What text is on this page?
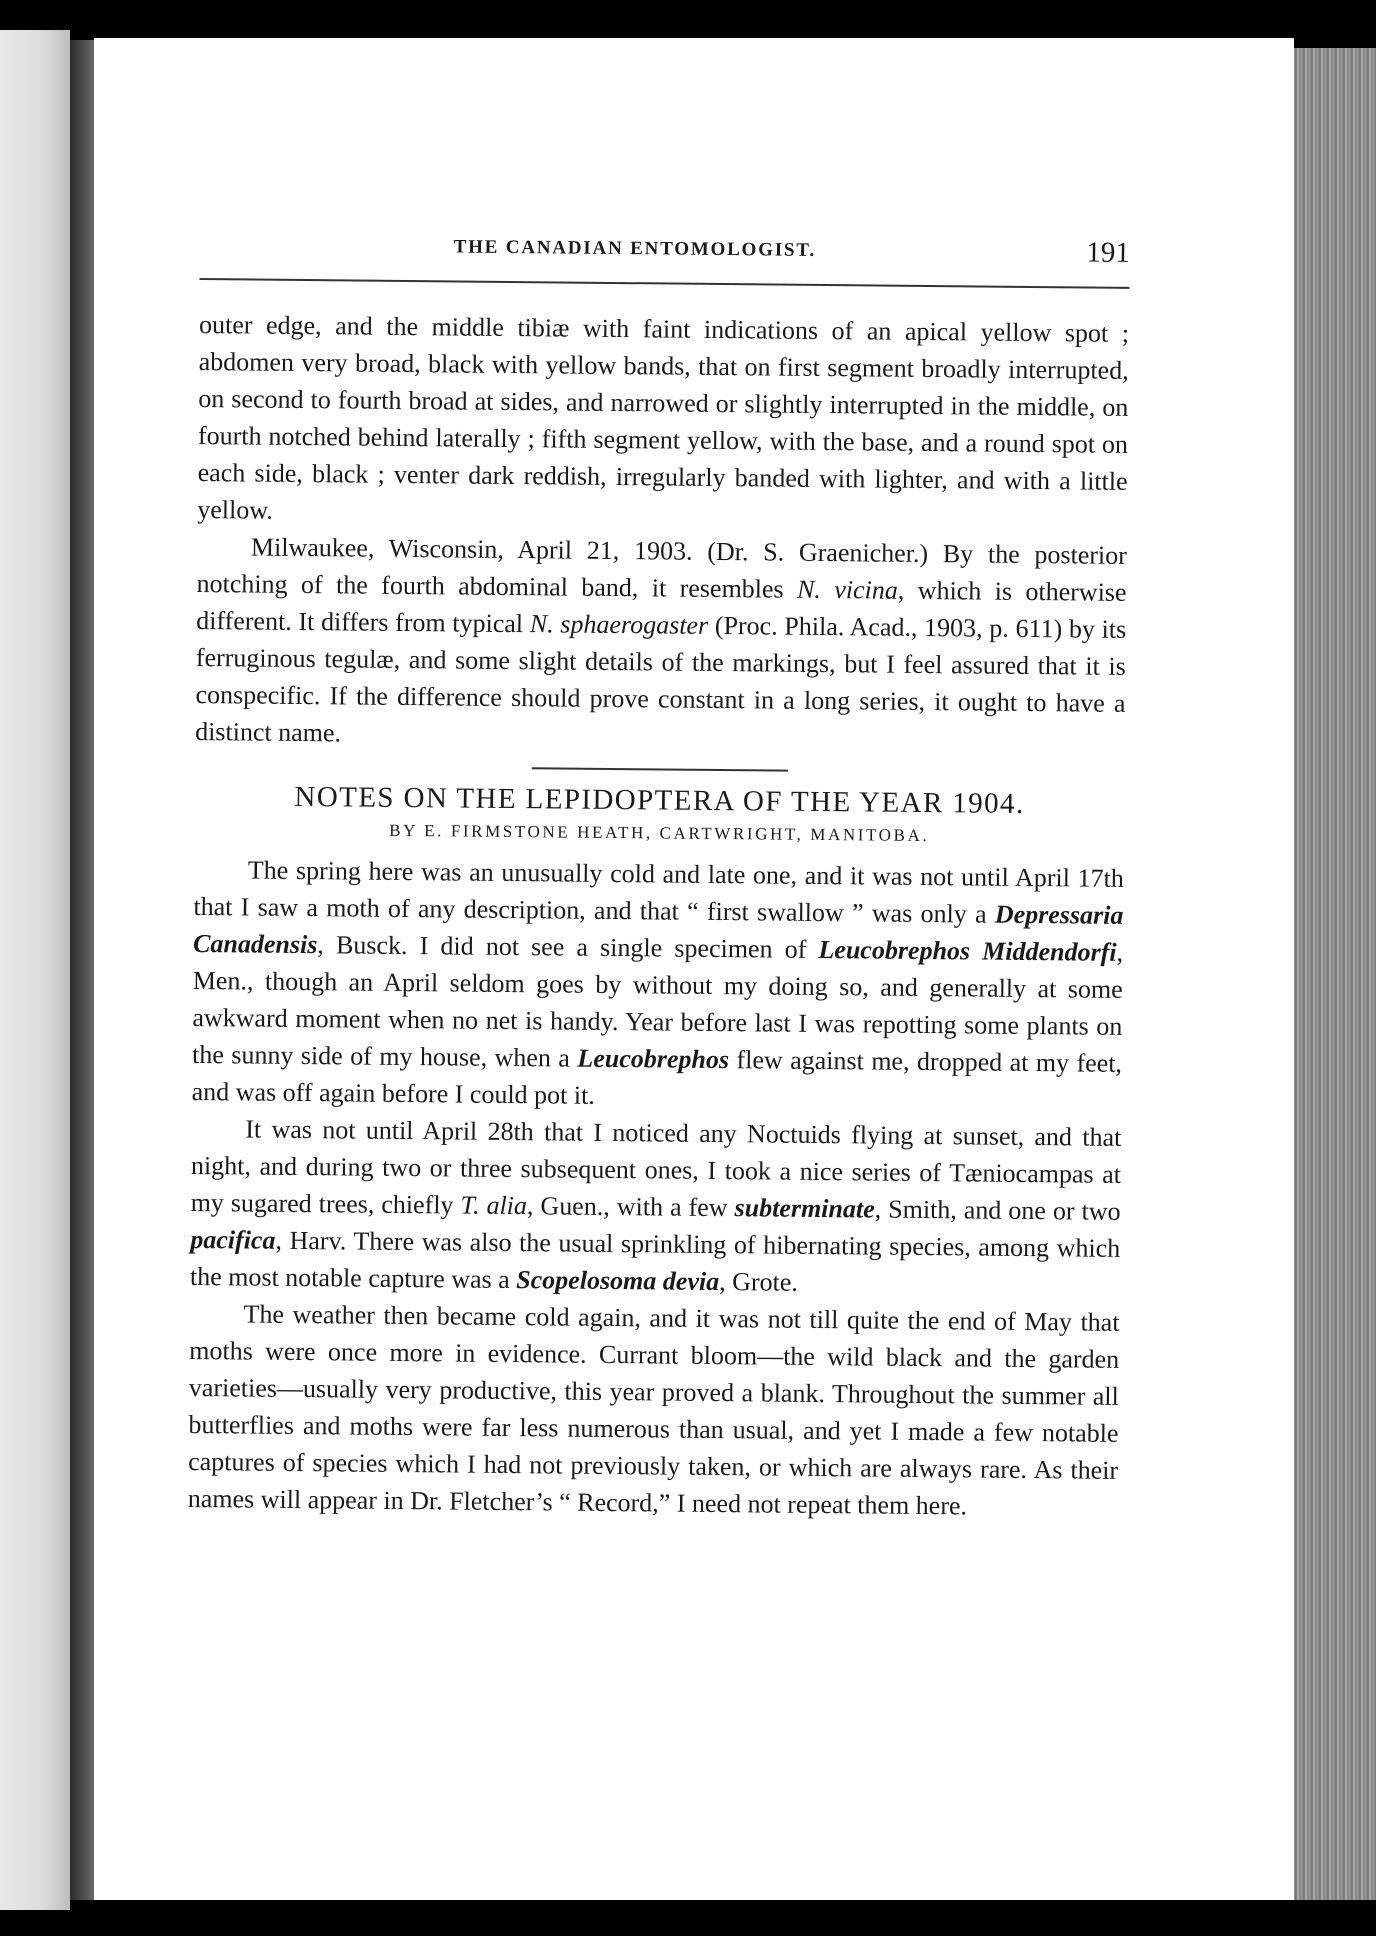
THE CANADIAN ENTOMOLOGIST.	191

outer edge, and the middle tibiæ with faint indications of an apical yellow spot ; abdomen very broad, black with yellow bands, that on first segment broadly interrupted, on second to fourth broad at sides, and narrowed or slightly interrupted in the middle, on fourth notched behind laterally ; fifth segment yellow, with the base, and a round spot on each side, black ; venter dark reddish, irregularly banded with lighter, and with a little yellow.

Milwaukee, Wisconsin, April 21, 1903. (Dr. S. Graenicher.) By the posterior notching of the fourth abdominal band, it resembles N. vicina, which is otherwise different. It differs from typical N. sphaerogaster (Proc. Phila. Acad., 1903, p. 611) by its ferruginous tegulæ, and some slight details of the markings, but I feel assured that it is conspecific. If the difference should prove constant in a long series, it ought to have a distinct name.

NOTES ON THE LEPIDOPTERA OF THE YEAR 1904.
BY E. FIRMSTONE HEATH, CARTWRIGHT, MANITOBA.

The spring here was an unusually cold and late one, and it was not until April 17th that I saw a moth of any description, and that “ first swallow ” was only a Depressaria Canadensis, Busck. I did not see a single specimen of Leucobrephos Middendorfi, Men., though an April seldom goes by without my doing so, and generally at some awkward moment when no net is handy. Year before last I was repotting some plants on the sunny side of my house, when a Leucobrephos flew against me, dropped at my feet, and was off again before I could pot it.

It was not until April 28th that I noticed any Noctuids flying at sunset, and that night, and during two or three subsequent ones, I took a nice series of Tæniocampas at my sugared trees, chiefly T. alia, Guen., with a few subterminate, Smith, and one or two pacifica, Harv. There was also the usual sprinkling of hibernating species, among which the most notable capture was a Scopelosoma devia, Grote.

The weather then became cold again, and it was not till quite the end of May that moths were once more in evidence. Currant bloom—the wild black and the garden varieties—usually very productive, this year proved a blank. Throughout the summer all butterflies and moths were far less numerous than usual, and yet I made a few notable captures of species which I had not previously taken, or which are always rare. As their names will appear in Dr. Fletcher’s “ Record,” I need not repeat them here.
